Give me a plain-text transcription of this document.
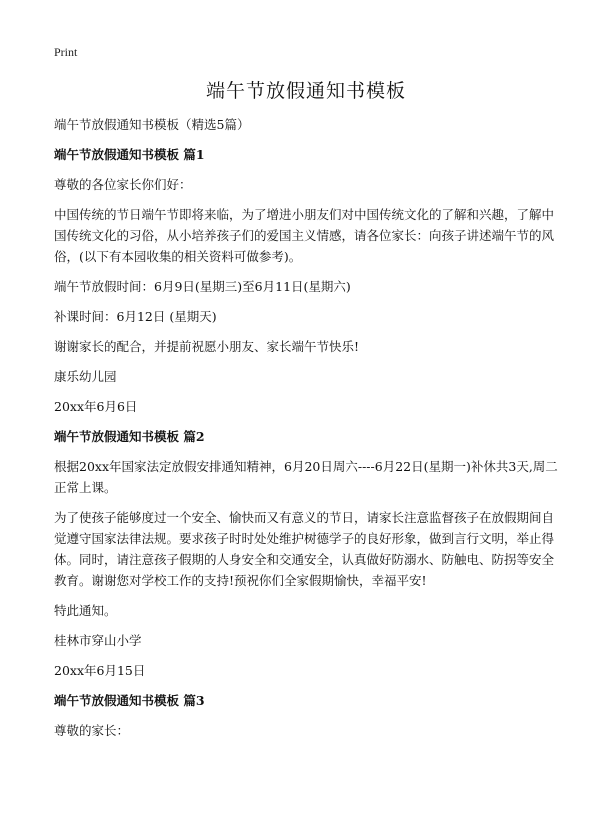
Print
端午节放假通知书模板

端午节放假通知书模板（精选5篇）

端午节放假通知书模板 篇1

尊敬的各位家长你们好：

中国传统的节日端午节即将来临，为了增进小朋友们对中国传统文化的了解和兴趣，了解中国传统文化的习俗，从小培养孩子们的爱国主义情感，请各位家长：向孩子讲述端午节的风俗，(以下有本园收集的相关资料可做参考)。

端午节放假时间：6月9日(星期三)至6月11日(星期六)

补课时间：6月12日 (星期天)

谢谢家长的配合，并提前祝愿小朋友、家长端午节快乐!

康乐幼儿园

20xx年6月6日

端午节放假通知书模板 篇2

根据20xx年国家法定放假安排通知精神，6月20日周六----6月22日(星期一)补休共3天,周二正常上课。

为了使孩子能够度过一个安全、愉快而又有意义的节日，请家长注意监督孩子在放假期间自觉遵守国家法律法规。要求孩子时时处处维护树德学子的良好形象，做到言行文明，举止得体。同时，请注意孩子假期的人身安全和交通安全，认真做好防溺水、防触电、防拐等安全教育。谢谢您对学校工作的支持!预祝你们全家假期愉快，幸福平安!

特此通知。

桂林市穿山小学

20xx年6月15日

端午节放假通知书模板 篇3

尊敬的家长：
